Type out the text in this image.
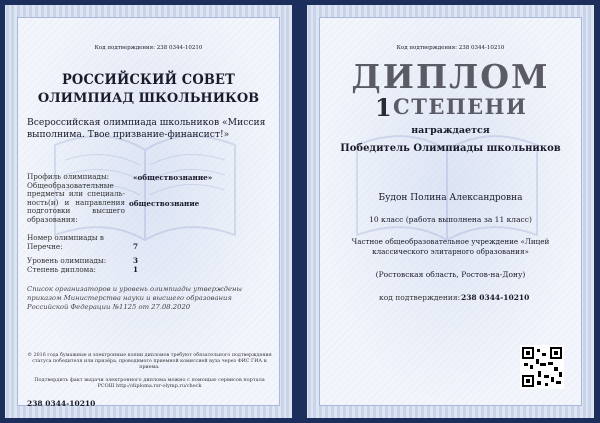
Код подтверждения: 238 0344-10210
РОССИЙСКИЙ СОВЕТ
ОЛИМПИАД ШКОЛЬНИКОВ
Всероссийская олимпиада школьников «Миссия выполнима. Твое призвание-финансист!»
Профиль олимпиады:	«обществознание»
Общеобразовательные предметы или специаль-ность(и) и направления подготовки высшего образования:
обществознание
Номер олимпиады в Перечне:	7
Уровень олимпиады:	3
Степень диплома:	1
Список организаторов и уровень олимпиады утверждены приказом Министерства науки и высшего образования Российской Федерации №1125 от 27.08.2020
© 2016 года бумажные и электронные копии дипломов требуют обязательного подтверждения статуса победителя или призёра, проводимого приемной комиссией вуза через ФИС ГИА и приема.
Подтвердить факт выдачи электронного диплома можно с помощью сервисов портала РСОШ http://diploma.rsr-olymp.ru/check
238 0344-10210
Код подтверждения: 238 0344-10210
ДИПЛОМ
1 СТЕПЕНИ
награждается
Победитель Олимпиады школьников
Будон Полина Александровна
10 класс (работа выполнена за 11 класс)
Частное общеобразовательное учреждение «Лицей классического элитарного образования»
(Ростовская область, Ростов-на-Дону)
код подтверждения: 238 0344-10210
